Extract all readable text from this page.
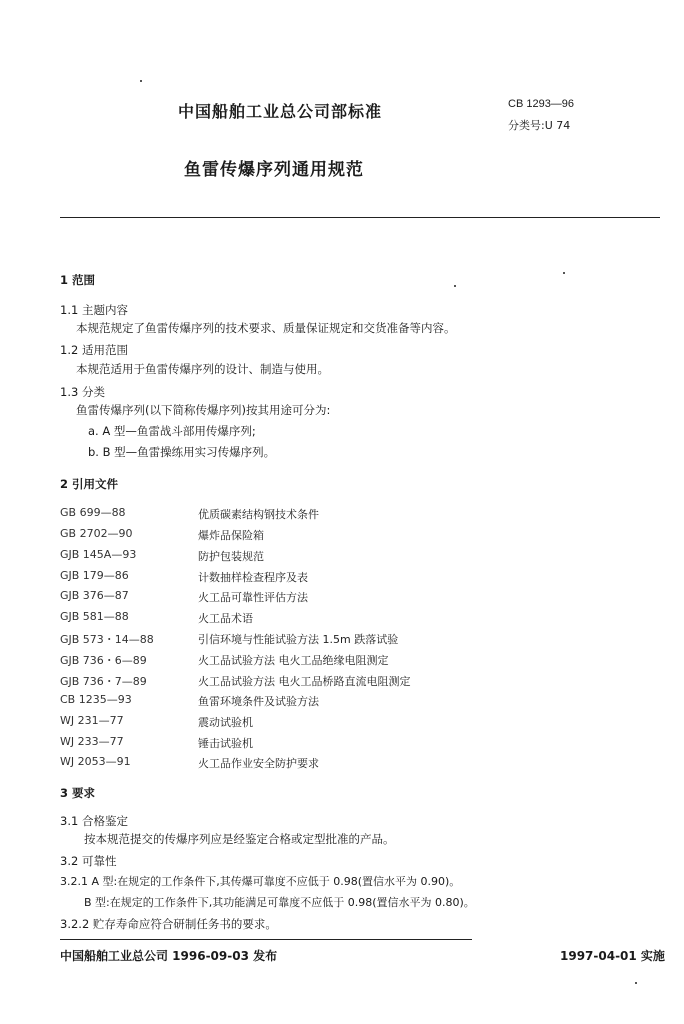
中国船舶工业总公司部标准	CB 1293—96
分类号:U 74
鱼雷传爆序列通用规范
1 范围
1.1 主题内容
本规范规定了鱼雷传爆序列的技术要求、质量保证规定和交货准备等内容。
1.2 适用范围
本规范适用于鱼雷传爆序列的设计、制造与使用。
1.3 分类
鱼雷传爆序列(以下简称传爆序列)按其用途可分为:
a. A 型—鱼雷战斗部用传爆序列;
b. B 型—鱼雷操练用实习传爆序列。
2 引用文件
GB 699—88	优质碳素结构钢技术条件
GB 2702—90	爆炸品保险箱
GJB 145A—93	防护包装规范
GJB 179—86	计数抽样检查程序及表
GJB 376—87	火工品可靠性评估方法
GJB 581—88	火工品术语
GJB 573・14—88	引信环境与性能试验方法 1.5m 跌落试验
GJB 736・6—89	火工品试验方法 电火工品绝缘电阻测定
GJB 736・7—89	火工品试验方法 电火工品桥路直流电阻测定
CB 1235—93	鱼雷环境条件及试验方法
WJ 231—77	震动试验机
WJ 233—77	锤击试验机
WJ 2053—91	火工品作业安全防护要求
3 要求
3.1 合格鉴定
按本规范提交的传爆序列应是经鉴定合格或定型批准的产品。
3.2 可靠性
3.2.1 A 型:在规定的工作条件下,其传爆可靠度不应低于 0.98(置信水平为 0.90)。
B 型:在规定的工作条件下,其功能满足可靠度不应低于 0.98(置信水平为 0.80)。
3.2.2 贮存寿命应符合研制任务书的要求。
中国船舶工业总公司 1996-09-03 发布	1997-04-01 实施
